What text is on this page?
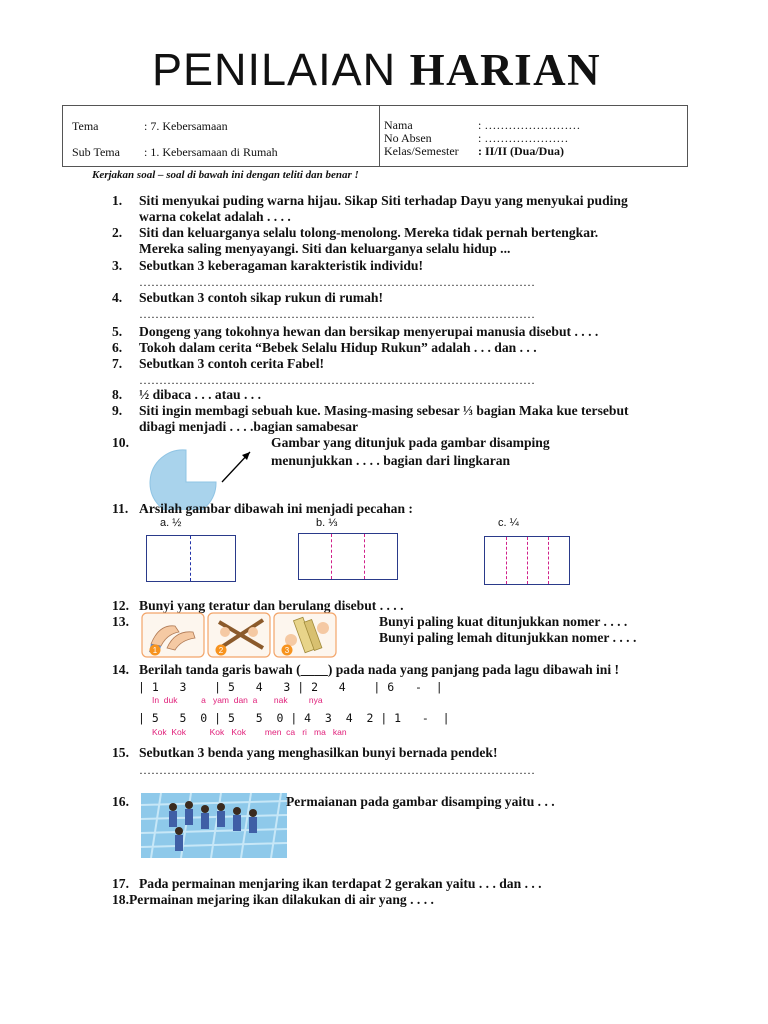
PENILAIAN HARIAN
Tema	: 7. Kebersamaan
Sub Tema : 1. Kebersamaan di Rumah
Nama	: ……………………
No Absen	: …………………
Kelas/Semester : II/II (Dua/Dua)
Kerjakan soal – soal di bawah ini dengan teliti dan benar !
1. Siti menyukai puding warna hijau. Sikap Siti terhadap Dayu yang menyukai puding
warna cokelat adalah . . . .
2. Siti dan keluarganya selalu tolong-menolong. Mereka tidak pernah bertengkar.
Mereka saling menyayangi. Siti dan keluarganya selalu hidup ...
3. Sebutkan 3 keberagaman karakteristik individu!
………………………………………………………………………………………
4. Sebutkan 3 contoh sikap rukun di rumah!
………………………………………………………………………………………
5. Dongeng yang tokohnya hewan dan bersikap menyerupai manusia disebut . . . .
6. Tokoh dalam cerita “Bebek Selalu Hidup Rukun” adalah . . . dan . . .
7. Sebutkan 3 contoh cerita Fabel!
………………………………………………………………………………………
8. ½ dibaca . . . atau . . .
9. Siti ingin membagi sebuah kue. Masing-masing sebesar ⅓ bagian Maka kue tersebut
dibagi menjadi . . . .bagian samabesar
10.	Gambar yang ditunjuk pada gambar disamping
menunjukkan . . . . bagian dari lingkaran
11. Arsilah gambar dibawah ini menjadi pecahan :
a. ½	b. ⅓	c. ¼
12. Bunyi yang teratur dan berulang disebut . . . .
13.
1	2	3
Bunyi paling kuat ditunjukkan nomer . . . .
Bunyi paling lemah ditunjukkan nomer . . . .
14. Berilah tanda garis bawah (____) pada nada yang panjang pada lagu dibawah ini !
| 1   3    | 5   4   3 | 2   4    | 6   -  |
In  duk          a   yam  dan  a       nak         nya
| 5   5  0 | 5   5  0 | 4  3  4  2 | 1   -  |
Kok  Kok          Kok   Kok        men  ca   ri   ma   kan
15. Sebutkan 3 benda yang menghasilkan bunyi bernada pendek!
………………………………………………………………………………………
16.	Permaianan pada gambar disamping yaitu . . .
17. Pada permainan menjaring ikan terdapat 2 gerakan yaitu . . . dan . . .
18.Permainan mejaring ikan dilakukan di air yang . . . .
